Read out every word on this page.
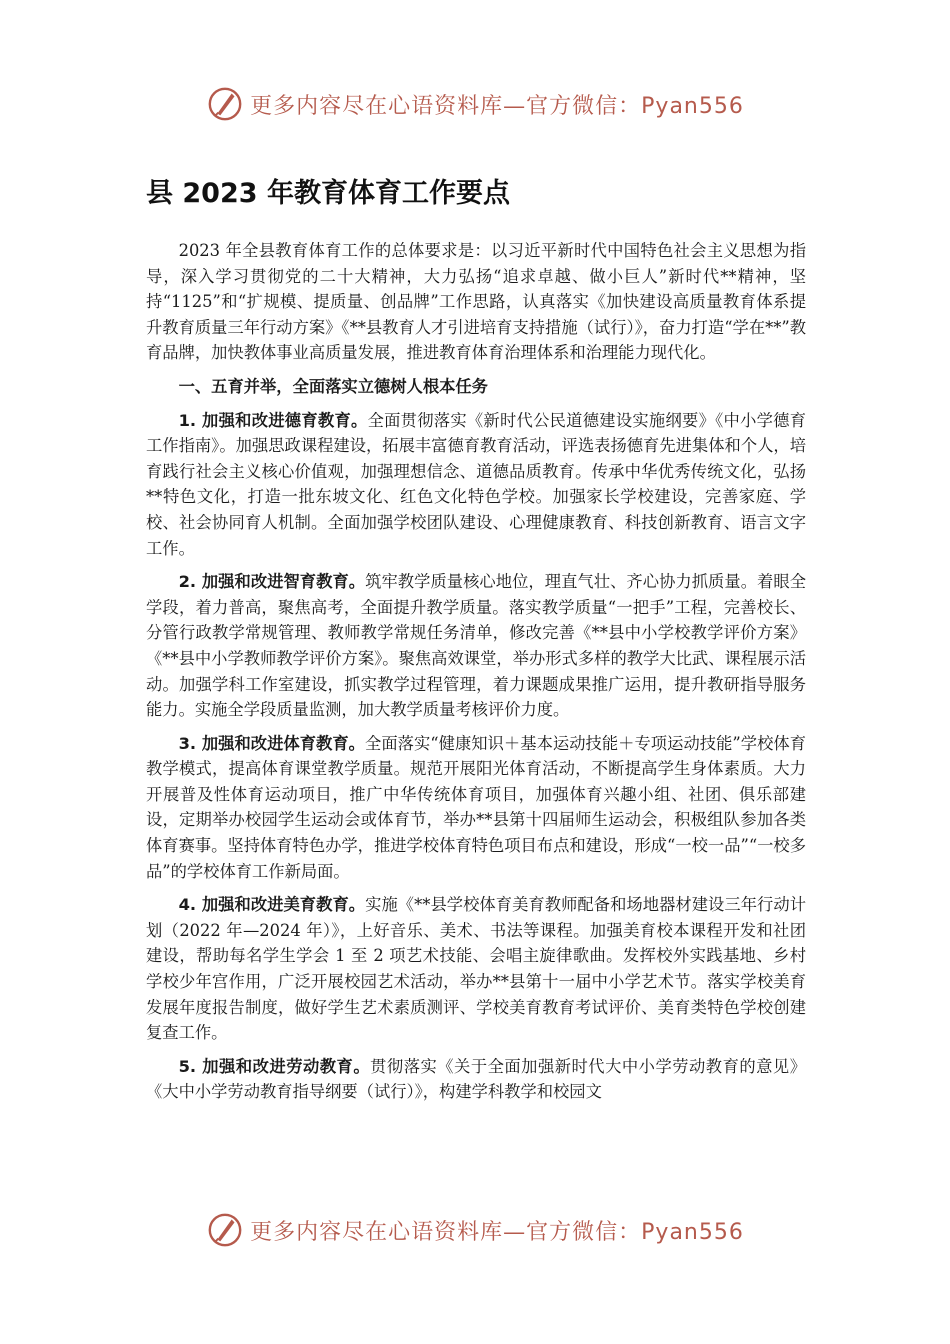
更多内容尽在心语资料库—官方微信：Pyan556
县 2023 年教育体育工作要点

2023 年全县教育体育工作的总体要求是：以习近平新时代中国特色社会主义思想为指导，深入学习贯彻党的二十大精神，大力弘扬“追求卓越、做小巨人”新时代**精神，坚持“1125”和“扩规模、提质量、创品牌”工作思路，认真落实《加快建设高质量教育体系提升教育质量三年行动方案》《**县教育人才引进培育支持措施（试行）》，奋力打造“学在**”教育品牌，加快教体事业高质量发展，推进教育体育治理体系和治理能力现代化。

一、五育并举，全面落实立德树人根本任务

1. 加强和改进德育教育。全面贯彻落实《新时代公民道德建设实施纲要》《中小学德育工作指南》。加强思政课程建设，拓展丰富德育教育活动，评选表扬德育先进集体和个人，培育践行社会主义核心价值观，加强理想信念、道德品质教育。传承中华优秀传统文化，弘扬**特色文化，打造一批东坡文化、红色文化特色学校。加强家长学校建设，完善家庭、学校、社会协同育人机制。全面加强学校团队建设、心理健康教育、科技创新教育、语言文字工作。

2. 加强和改进智育教育。筑牢教学质量核心地位，理直气壮、齐心协力抓质量。着眼全学段，着力普高，聚焦高考，全面提升教学质量。落实教学质量“一把手”工程，完善校长、分管行政教学常规管理、教师教学常规任务清单，修改完善《**县中小学校教学评价方案》《**县中小学教师教学评价方案》。聚焦高效课堂，举办形式多样的教学大比武、课程展示活动。加强学科工作室建设，抓实教学过程管理，着力课题成果推广运用，提升教研指导服务能力。实施全学段质量监测，加大教学质量考核评价力度。

3. 加强和改进体育教育。全面落实“健康知识＋基本运动技能＋专项运动技能”学校体育教学模式，提高体育课堂教学质量。规范开展阳光体育活动，不断提高学生身体素质。大力开展普及性体育运动项目，推广中华传统体育项目，加强体育兴趣小组、社团、俱乐部建设，定期举办校园学生运动会或体育节，举办**县第十四届师生运动会，积极组队参加各类体育赛事。坚持体育特色办学，推进学校体育特色项目布点和建设，形成“一校一品”“一校多品”的学校体育工作新局面。

4. 加强和改进美育教育。实施《**县学校体育美育教师配备和场地器材建设三年行动计划（2022 年—2024 年）》，上好音乐、美术、书法等课程。加强美育校本课程开发和社团建设，帮助每名学生学会 1 至 2 项艺术技能、会唱主旋律歌曲。发挥校外实践基地、乡村学校少年宫作用，广泛开展校园艺术活动，举办**县第十一届中小学艺术节。落实学校美育发展年度报告制度，做好学生艺术素质测评、学校美育教育考试评价、美育类特色学校创建复查工作。

5. 加强和改进劳动教育。贯彻落实《关于全面加强新时代大中小学劳动教育的意见》《大中小学劳动教育指导纲要（试行）》，构建学科教学和校园文

更多内容尽在心语资料库—官方微信：Pyan556
